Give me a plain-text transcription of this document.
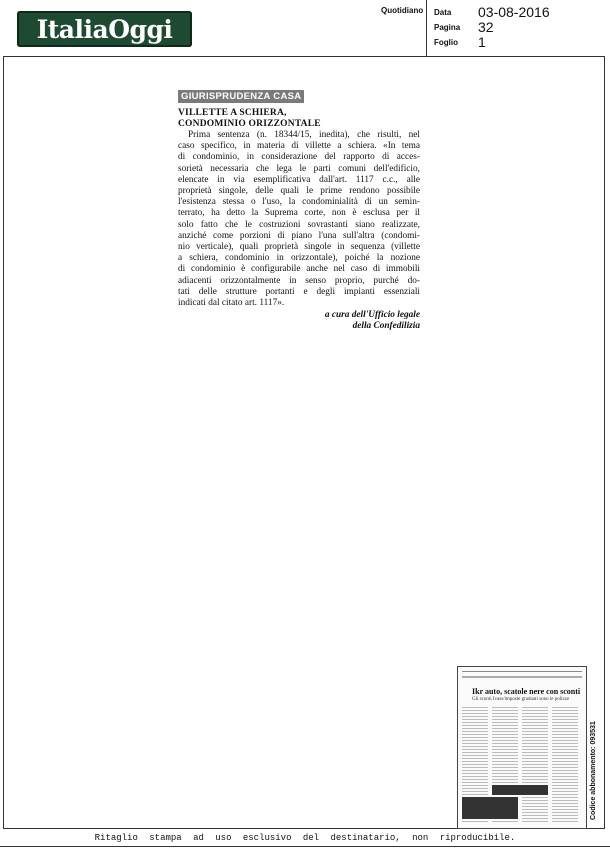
ItaliaOggi
Quotidiano Data	03-08-2016
Pagina	32
Foglio	1
GIURISPRUDENZA CASA
VILLETTE A SCHIERA,
CONDOMINIO ORIZZONTALE
Prima sentenza (n. 18344/15, inedita), che risulti, nel
caso specifico, in materia di villette a schiera. «In tema
di condominio, in considerazione del rapporto di acces-
sorietà necessaria che lega le parti comuni dell'edificio,
elencate in via esemplificativa dall'art. 1117 c.c., alle
proprietà singole, delle quali le prime rendono possibile
l'esistenza stessa o l'uso, la condominialità di un semin-
terrato, ha detto la Suprema corte, non è esclusa per il
solo fatto che le costruzioni sovrastanti siano realizzate,
anziché come porzioni di piano l'una sull'altra (condomi-
nio verticale), quali proprietà singole in sequenza (villette
a schiera, condominio in orizzontale), poiché la nozione
di condominio è configurabile anche nel caso di immobili
adiacenti orizzontalmente in senso proprio, purché do-
tati delle strutture portanti e degli impianti essenziali
indicati dal citato art. 1117».
a cura dell'Ufficio legale
della Confedilizia
Ikr auto, scatole nere con sconti
Gli sconti Ivass/imposte graduati sono le polizze
Codice abbonamento: 093531
Ritaglio stampa ad uso esclusivo del destinatario, non riproducibile.
